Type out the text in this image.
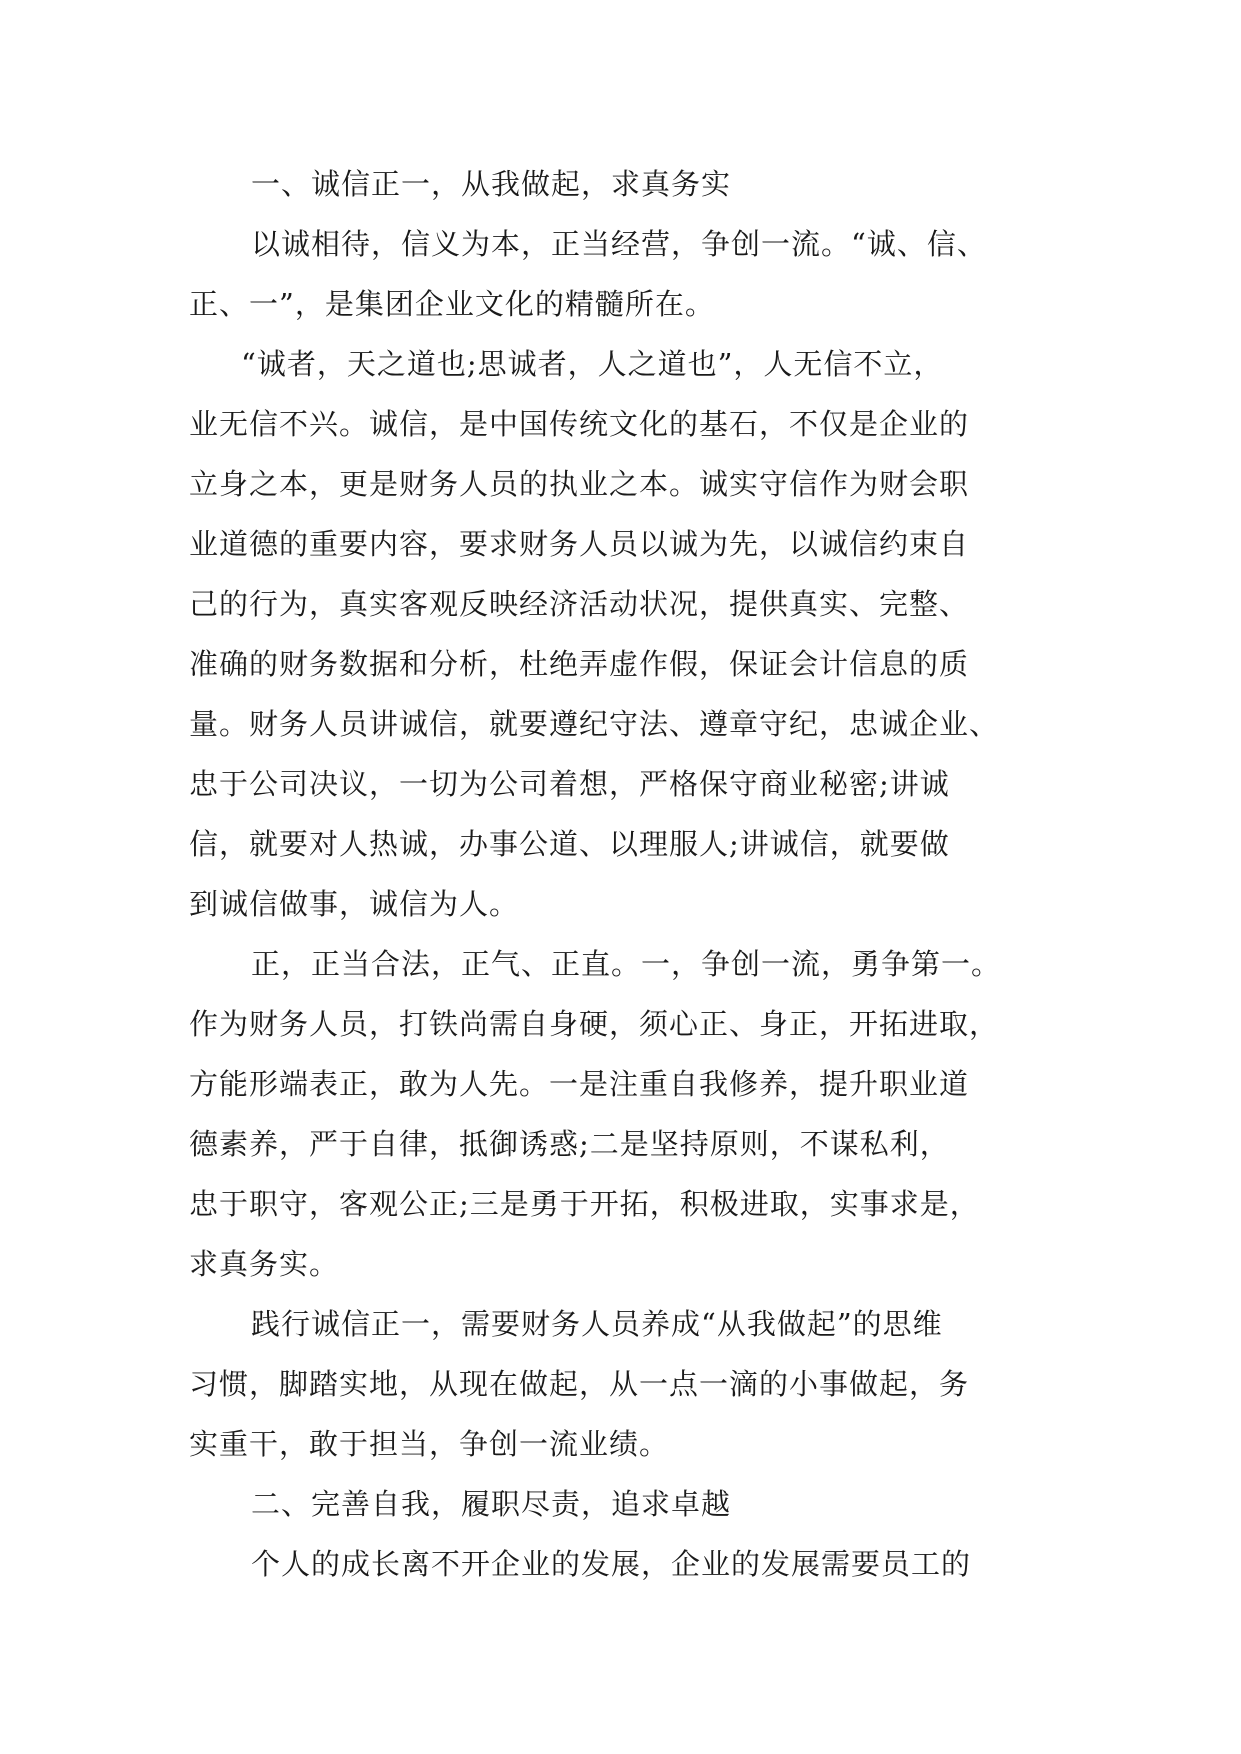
一、诚信正一，从我做起，求真务实

以诚相待，信义为本，正当经营，争创一流。“诚、信、

正、一”，是集团企业文化的精髓所在。

“诚者，天之道也;思诚者，人之道也”，人无信不立，

业无信不兴。诚信，是中国传统文化的基石，不仅是企业的

立身之本，更是财务人员的执业之本。诚实守信作为财会职

业道德的重要内容，要求财务人员以诚为先，以诚信约束自

己的行为，真实客观反映经济活动状况，提供真实、完整、

准确的财务数据和分析，杜绝弄虚作假，保证会计信息的质

量。财务人员讲诚信，就要遵纪守法、遵章守纪，忠诚企业、

忠于公司决议，一切为公司着想，严格保守商业秘密;讲诚

信，就要对人热诚，办事公道、以理服人;讲诚信，就要做

到诚信做事，诚信为人。

正，正当合法，正气、正直。一，争创一流，勇争第一。

作为财务人员，打铁尚需自身硬，须心正、身正，开拓进取，

方能形端表正，敢为人先。一是注重自我修养，提升职业道

德素养，严于自律，抵御诱惑;二是坚持原则，不谋私利，

忠于职守，客观公正;三是勇于开拓，积极进取，实事求是，

求真务实。

践行诚信正一，需要财务人员养成“从我做起”的思维

习惯，脚踏实地，从现在做起，从一点一滴的小事做起，务

实重干，敢于担当，争创一流业绩。

二、完善自我，履职尽责，追求卓越

个人的成长离不开企业的发展，企业的发展需要员工的
